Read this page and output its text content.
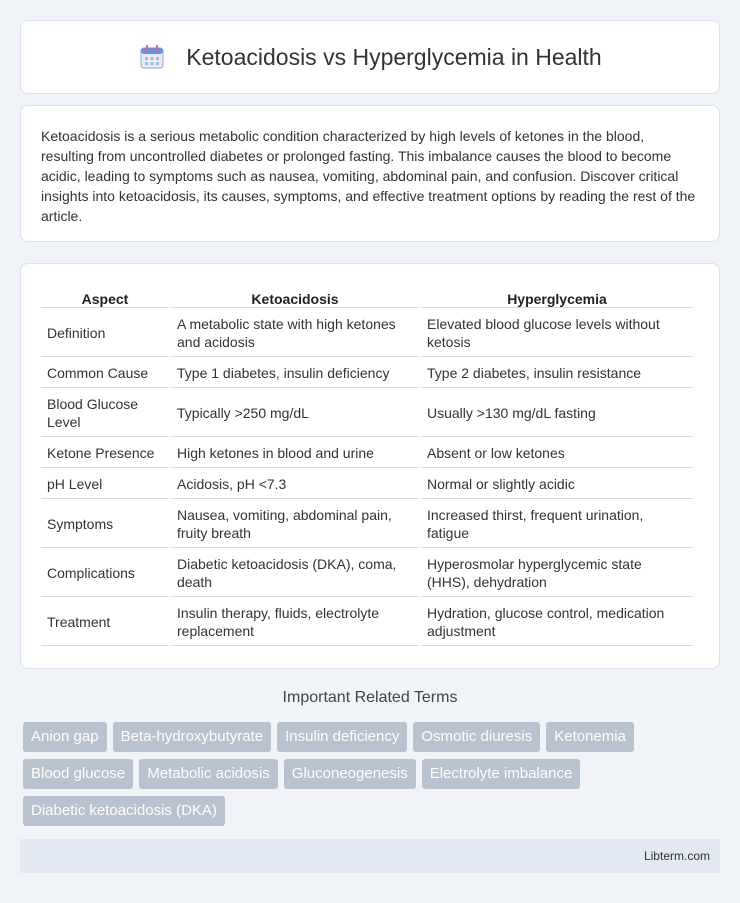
Ketoacidosis vs Hyperglycemia in Health

Ketoacidosis is a serious metabolic condition characterized by high levels of ketones in the blood, resulting from uncontrolled diabetes or prolonged fasting. This imbalance causes the blood to become acidic, leading to symptoms such as nausea, vomiting, abdominal pain, and confusion. Discover critical insights into ketoacidosis, its causes, symptoms, and effective treatment options by reading the rest of the article.

Aspect	Ketoacidosis	Hyperglycemia
Definition	A metabolic state with high ketones and acidosis	Elevated blood glucose levels without ketosis
Common Cause	Type 1 diabetes, insulin deficiency	Type 2 diabetes, insulin resistance
Blood Glucose Level	Typically >250 mg/dL	Usually >130 mg/dL fasting
Ketone Presence	High ketones in blood and urine	Absent or low ketones
pH Level	Acidosis, pH <7.3	Normal or slightly acidic
Symptoms	Nausea, vomiting, abdominal pain, fruity breath	Increased thirst, frequent urination, fatigue
Complications	Diabetic ketoacidosis (DKA), coma, death	Hyperosmolar hyperglycemic state (HHS), dehydration
Treatment	Insulin therapy, fluids, electrolyte replacement	Hydration, glucose control, medication adjustment
Important Related Terms
Anion gap	Beta-hydroxybutyrate	Insulin deficiency	Osmotic diuresis	Ketonemia
Blood glucose	Metabolic acidosis	Gluconeogenesis	Electrolyte imbalance
Diabetic ketoacidosis (DKA)
Libterm.com
